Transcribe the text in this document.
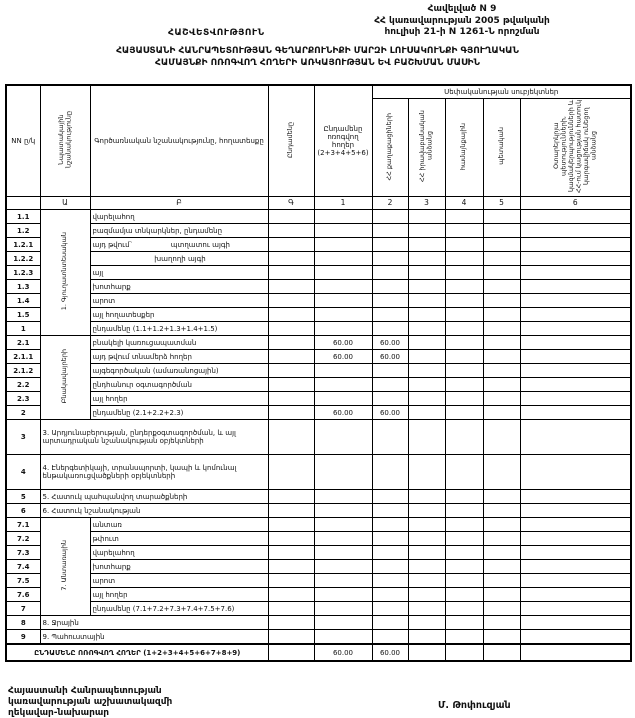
Հավելված N 9
ՀՀ կառավարության 2005 թվականի
հուլիսի 21-ի N 1261-Ն որոշման
ՀԱՇՎԵՏՎՈՒԹՅՈՒՆ
ՀԱՅԱՍՏԱՆԻ ՀԱՆՐԱՊԵՏՈՒԹՅԱՆ ԳԵՂԱՐՔՈՒՆԻՔԻ ՄԱՐԶԻ ԼՈՒՍԱԿՈՒՆՔԻ ԳՅՈՒՂԱԿԱՆ
ՀԱՄԱՅՆՔԻ ՈՌՈԳՎՈՂ ՀՈՂԵՐԻ ԱՌԿԱՅՈՒԹՅԱՆ ԵՎ ԲԱՇԽՄԱՆ ՄԱՍԻՆ
NN ը/կ	Նպատակային նշանակությունը	Գործառնական նշանակությունը, հողատեսքը	Ընդամենը	Ընդամենը ոռոգվող հողեր (2+3+4+5+6)	Սեփականության սուբյեկտներ				
					ՀՀ քաղաքացիների	ՀՀ իրավաբանական անձանց	համայնքային	պետական	Օտարերկրյա պետությունների, կազմակերպությունների և ՀՀ-ում կացության հատուկ կարգավիճակ ունեցող անձանց
	Ա	Բ	Գ	1	2	3	4	5	6
1.1	1. Գյուղատնտեսական	վարելահող							
1.2		բազմամյա տնկարկներ, ընդամենը							
1.2.1		այդ թվում` պտղատու այգի							

1.2.2		խաղողի այգի							

1.2.3		այլ							
1.3		խոտհարք							
1.4		արոտ							
1.5		այլ հողատեսքեր							
1		ընդամենը (1.1+1.2+1.3+1.4+1.5)							
2.1	Բնակավայրերի	բնակելի կառուցապատման		60.00	60.00				
2.1.1		այդ թվում տնամերձ հողեր		60.00	60.00				
2.1.2		այգեգործական (ամառանոցային)							
2.2		ընդհանուր օգտագործման							
2.3		այլ հողեր							
2		ընդամենը (2.1+2.2+2.3)		60.00	60.00				
3	3. Արդյունաբերության, ընդերքօգտագործման, և այլ արտադրական նշանակության օբյեկտների								
4	4. Էներգետիկայի, տրանսպորտի, կապի և կոմունալ ենթակառուցվածքների օբյեկտների								
5	5. Հատուկ պահպանվող տարածքների								
6	6. Հատուկ նշանակության								
7.1	7. Անտառային	անտառ							
7.2		թփուտ							
7.3		վարելահող							
7.4		խոտհարք							
7.5		արոտ							
7.6		այլ հողեր							
7		ընդամենը (7.1+7.2+7.3+7.4+7.5+7.6)							
8	8. Ջրային								
9	9. Պահուստային								
ԸՆԴԱՄԵՆԸ ՈՌՈԳՎՈՂ ՀՈՂԵՐ (1+2+3+4+5+6+7+8+9)				60.00	60.00				
Հայաստանի Հանրապետության
կառավարության աշխատակազմի
ղեկավար-նախարար
Մ. Թոփուզյան
